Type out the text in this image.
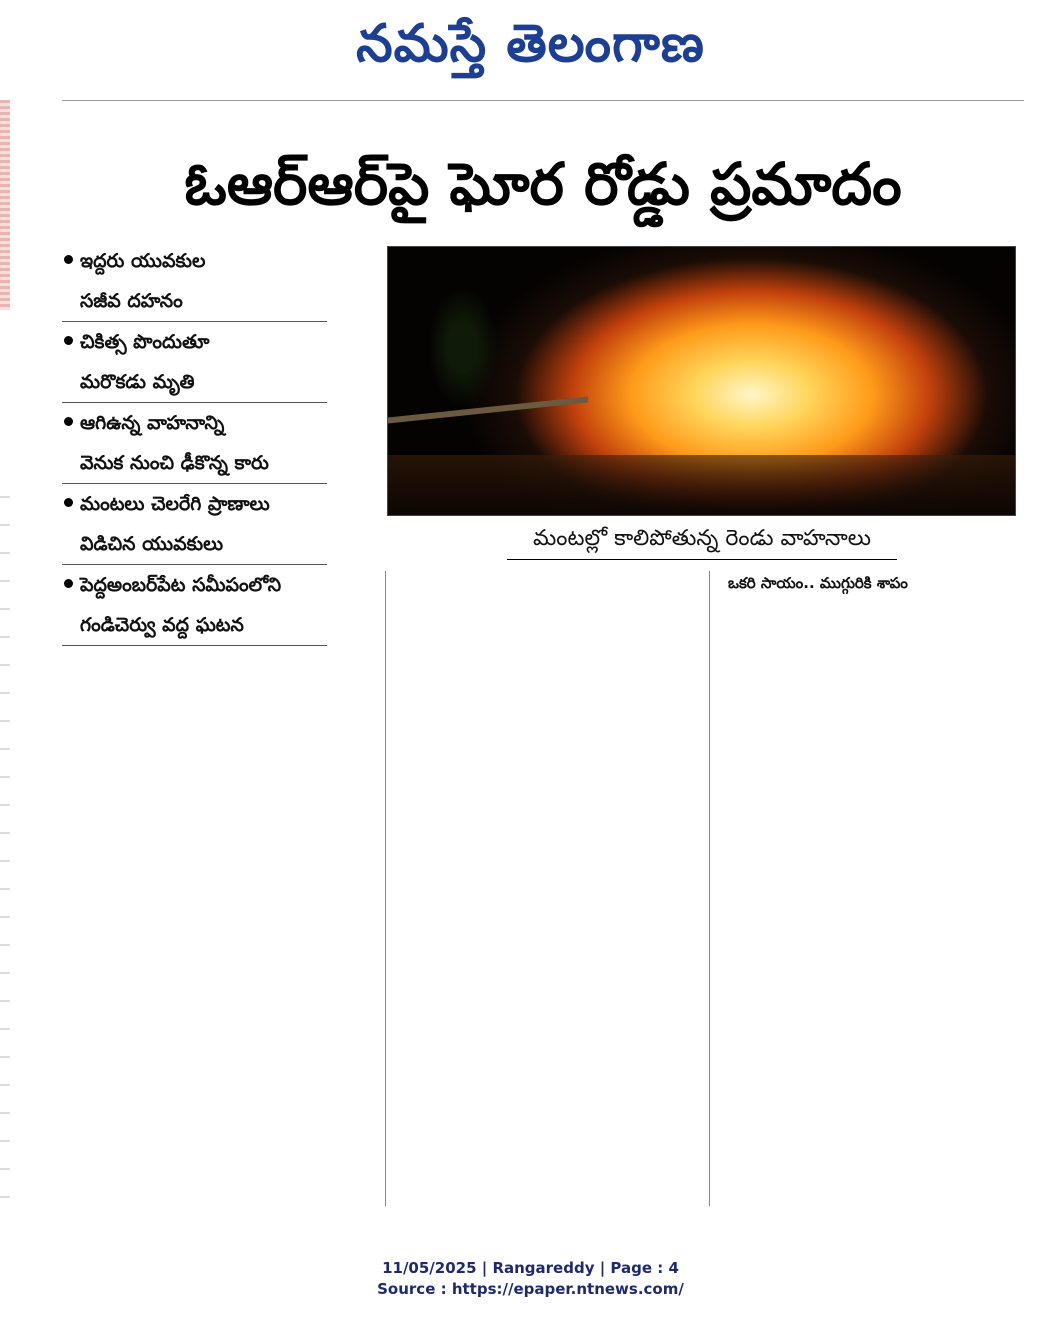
నమస్తే తెలంగాణ
ఓఆర్ఆర్‌పై ఘోర రోడ్డు ప్రమాదం
ఇద్దరు యువకుల
సజీవ దహనం
చికిత్స పొందుతూ
మరొకడు మృతి
ఆగిఉన్న వాహనాన్ని
వెనుక నుంచి ఢీకొన్న కారు
మంటలు చెలరేగి ప్రాణాలు
విడిచిన యువకులు
పెద్దఅంబర్‌పేట సమీపంలోని
గండిచెర్వు వద్ద ఘటన
మంటల్లో కాలిపోతున్న రెండు వాహనాలు
ఒకరి సాయం.. ముగ్గురికి శాపం
11/05/2025 | Rangareddy | Page : 4
Source : https://epaper.ntnews.com/
